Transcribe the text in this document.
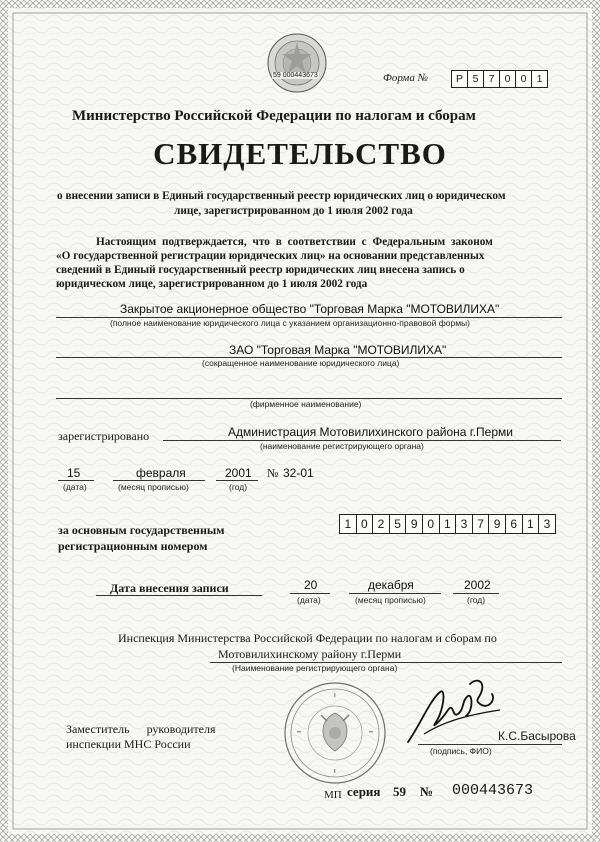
59 000443673	Форма №	Р 5 7 0 0 1
Министерство Российской Федерации по налогам и сборам
СВИДЕТЕЛЬСТВО
о внесении записи в Единый государственный реестр юридических лиц о юридическом
лице, зарегистрированном до 1 июля 2002 года
Настоящим подтверждается, что в соответствии с Федеральным законом
«О государственной регистрации юридических лиц» на основании представленных
сведений в Единый государственный реестр юридических лиц внесена запись о
юридическом лице, зарегистрированном до 1 июля 2002 года
Закрытое акционерное общество "Торговая Марка "МОТОВИЛИХА"
(полное наименование юридического лица с указанием организационно-правовой формы)
ЗАО "Торговая Марка "МОТОВИЛИХА"
(сокращенное наименование юридического лица)
(фирменное наименование)
зарегистрировано	Администрация Мотовилихинского района г.Перми
(наименование регистрирующего органа)
15
(дата)
февраля
(месяц прописью)
2001
(год)
№ 32-01
за основным государственным
регистрационным номером
1 0 2 5 9 0 1 3 7 9 6 1 3
Дата внесения записи	20
(дата)
декабря
(месяц прописью)
2002
(год)
Инспекция Министерства Российской Федерации по налогам и сборам по
Мотовилихинскому району г.Перми
(Наименование регистрирующего органа)
Заместитель руководителя
инспекции МНС России
К.С.Басырова
(подпись, ФИО)
МП серия 59 № 000443673
